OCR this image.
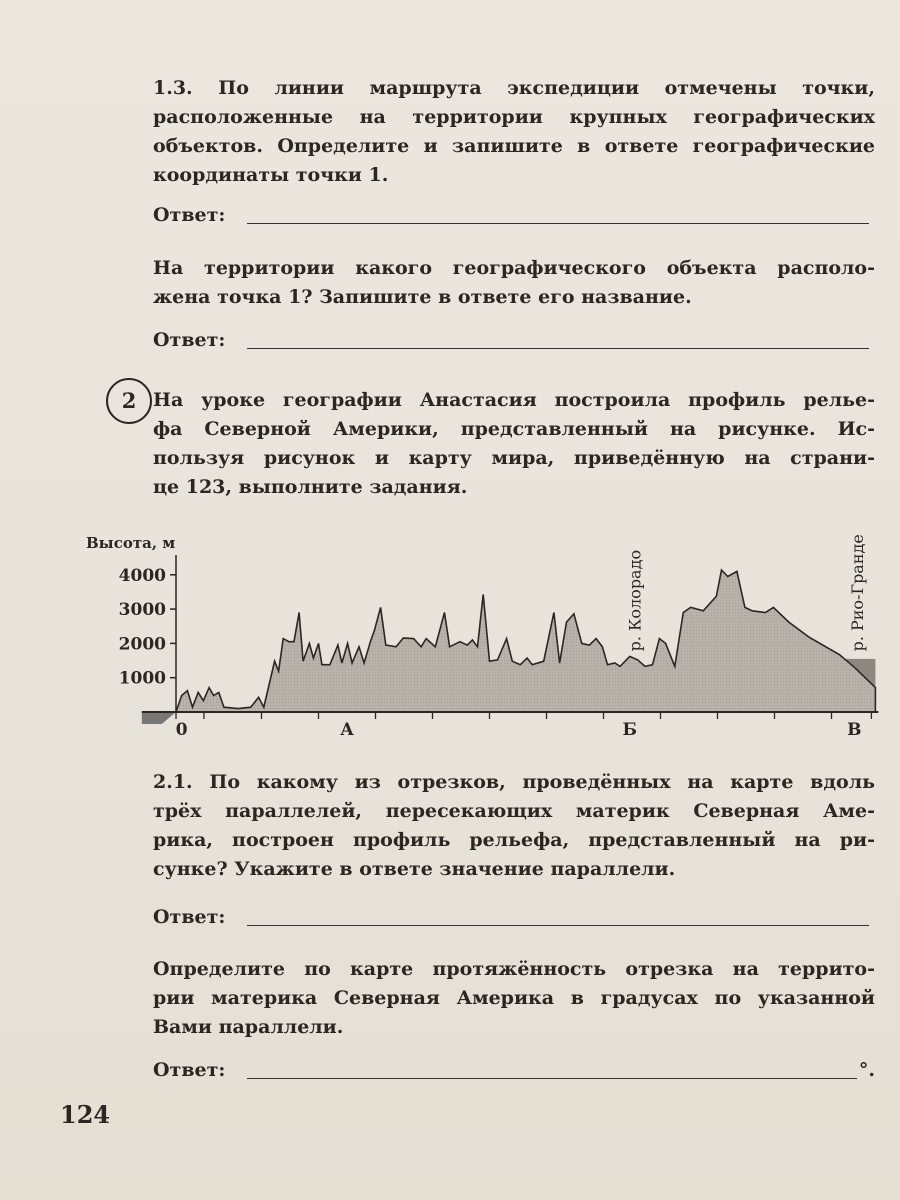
1.3. По линии маршрута экспедиции отмечены точки,
расположенные на территории крупных географических
объектов. Определите и запишите в ответе географические
координаты точки 1.
Ответ:
На территории какого географического объекта располо-
жена точка 1? Запишите в ответе его название.
Ответ:
2 На уроке географии Анастасия построила профиль релье-
фа Северной Америки, представленный на рисунке. Ис-
пользуя рисунок и карту мира, приведённую на страни-
це 123, выполните задания.
Высота, м
4000
3000
2000
1000
0	А	Б	В
р. Колорадо	р. Рио-Гранде
2.1. По какому из отрезков, проведённых на карте вдоль
трёх параллелей, пересекающих материк Северная Аме-
рика, построен профиль рельефа, представленный на ри-
сунке? Укажите в ответе значение параллели.
Ответ:
Определите по карте протяжённость отрезка на террито-
рии материка Северная Америка в градусах по указанной
Вами параллели.
Ответ:	°.
124
